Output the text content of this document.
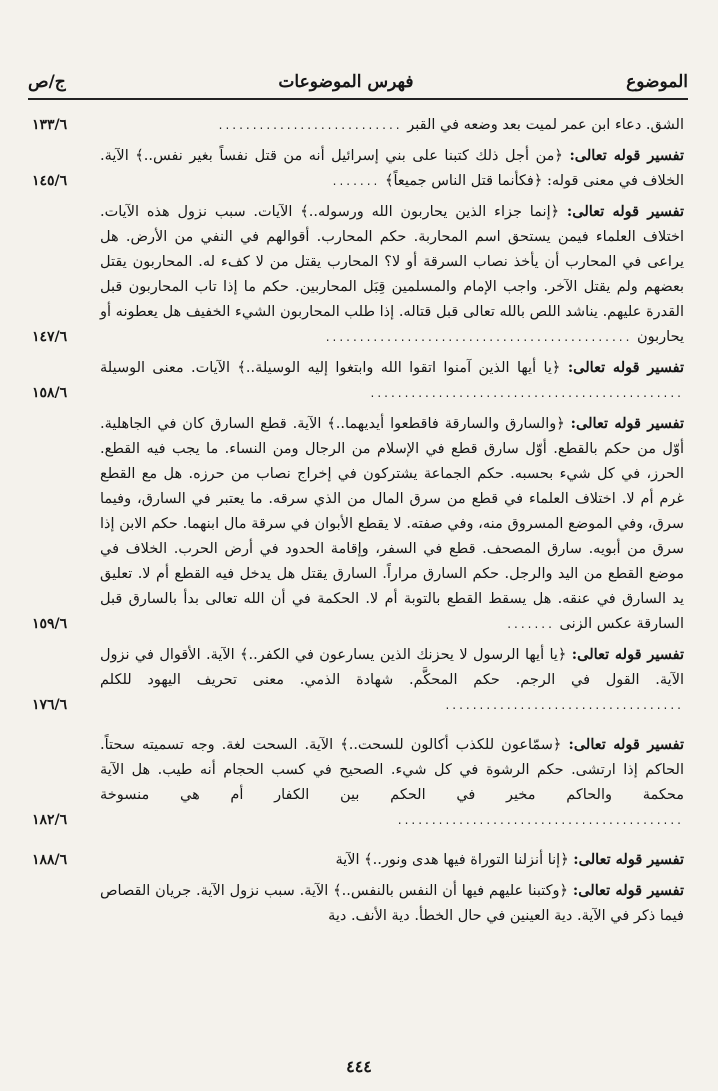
الموضوع
فهرس الموضوعات
ج/ص
الشق. دعاء ابن عمر لميت بعد وضعه في القبر ...........................
١٣٣/٦
تفسير قوله تعالى: ﴿من أجل ذلك كتبنا على بني إسرائيل أنه من قتل نفساً بغير نفس..﴾ الآية. الخلاف في معنى قوله: ﴿فكأنما قتل الناس جميعاً﴾ .......
١٤٥/٦
تفسير قوله تعالى: ﴿إنما جزاء الذين يحاربون الله ورسوله..﴾ الآيات. سبب نزول هذه الآيات. اختلاف العلماء فيمن يستحق اسم المحاربة. حكم المحارب. أقوالهم في النفي من الأرض. هل يراعى في المحارب أن يأخذ نصاب السرقة أو لا؟ المحارب يقتل من لا كفء له. المحاربون يقتل بعضهم ولم يقتل الآخر. واجب الإمام والمسلمين قِبَل المحاربين. حكم ما إذا تاب المحاربون قبل القدرة عليهم. يناشد اللص بالله تعالى قبل قتاله. إذا طلب المحاربون الشيء الخفيف هل يعطونه أو يحاربون .............................................
١٤٧/٦
تفسير قوله تعالى: ﴿يا أيها الذين آمنوا اتقوا الله وابتغوا إليه الوسيلة..﴾ الآيات. معنى الوسيلة ..............................................
١٥٨/٦
تفسير قوله تعالى: ﴿والسارق والسارقة فاقطعوا أيديهما..﴾ الآية. قطع السارق كان في الجاهلية. أوّل من حكم بالقطع. أوّل سارق قطع في الإسلام من الرجال ومن النساء. ما يجب فيه القطع. الحرز، في كل شيء بحسبه. حكم الجماعة يشتركون في إخراج نصاب من حرزه. هل مع القطع غرم أم لا. اختلاف العلماء في قطع من سرق المال من الذي سرقه. ما يعتبر في السارق، وفيما سرق، وفي الموضع المسروق منه، وفي صفته. لا يقطع الأبوان في سرقة مال ابنهما. حكم الابن إذا سرق من أبويه. سارق المصحف. قطع في السفر، وإقامة الحدود في أرض الحرب. الخلاف في موضع القطع من اليد والرجل. حكم السارق مراراً. السارق يقتل هل يدخل فيه القطع أم لا. تعليق يد السارق في عنقه. هل يسقط القطع بالتوبة أم لا. الحكمة في أن الله تعالى بدأ بالسارق قبل السارقة عكس الزنى .......
١٥٩/٦
تفسير قوله تعالى: ﴿يا أيها الرسول لا يحزنك الذين يسارعون في الكفر..﴾ الآية. الأقوال في نزول الآية. القول في الرجم. حكم المحكَّم. شهادة الذمي. معنى تحريف اليهود للكلم ...................................
١٧٦/٦
تفسير قوله تعالى: ﴿سمّاعون للكذب أكالون للسحت..﴾ الآية. السحت لغة. وجه تسميته سحتاً. الحاكم إذا ارتشى. حكم الرشوة في كل شيء. الصحيح في كسب الحجام أنه طيب. هل الآية محكمة والحاكم مخير في الحكم بين الكفار أم هي منسوخة ..........................................
١٨٢/٦
تفسير قوله تعالى: ﴿إنا أنزلنا التوراة فيها هدى ونور..﴾ الآية
١٨٨/٦
تفسير قوله تعالى: ﴿وكتبنا عليهم فيها أن النفس بالنفس..﴾ الآية. سبب نزول الآية. جريان القصاص فيما ذكر في الآية. دية العينين في حال الخطأ. دية الأنف. دية
٤٤٤
